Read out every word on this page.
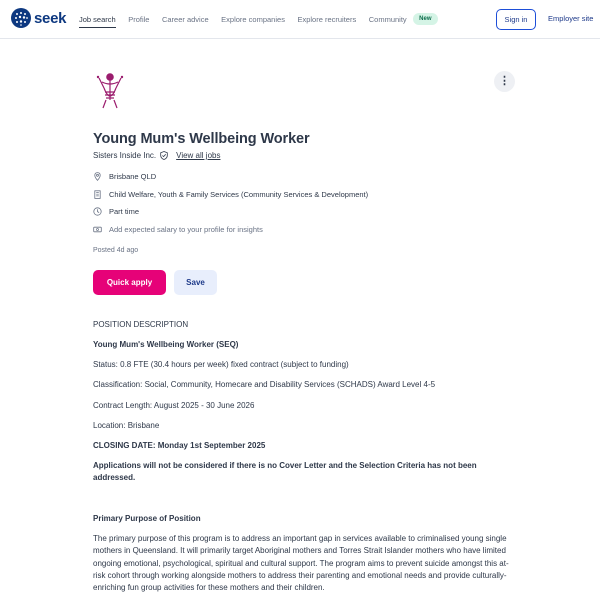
seek Job search Profile Career advice Explore companies Explore recruiters Community	New	Sign in	Employer site
⋮
Young Mum's Wellbeing Worker
Sisters Inside Inc.	View all jobs
Brisbane QLD
Child Welfare, Youth & Family Services (Community Services & Development)
Part time
Add expected salary to your profile for insights
Posted 4d ago
Quick apply	Save
POSITION DESCRIPTION
Young Mum's Wellbeing Worker (SEQ)
Status: 0.8 FTE (30.4 hours per week) fixed contract (subject to funding)
Classification: Social, Community, Homecare and Disability Services (SCHADS) Award Level 4-5
Contract Length: August 2025 - 30 June 2026
Location: Brisbane
CLOSING DATE: Monday 1st September 2025
Applications will not be considered if there is no Cover Letter and the Selection Criteria has not been addressed.
Primary Purpose of Position
The primary purpose of this program is to address an important gap in services available to criminalised young single mothers in Queensland. It will primarily target Aboriginal mothers and Torres Strait Islander mothers who have limited ongoing emotional, psychological, spiritual and cultural support. The program aims to prevent suicide amongst this at-risk cohort through working alongside mothers to address their parenting and emotional needs and provide culturally-enriching fun group activities for these mothers and their children.
